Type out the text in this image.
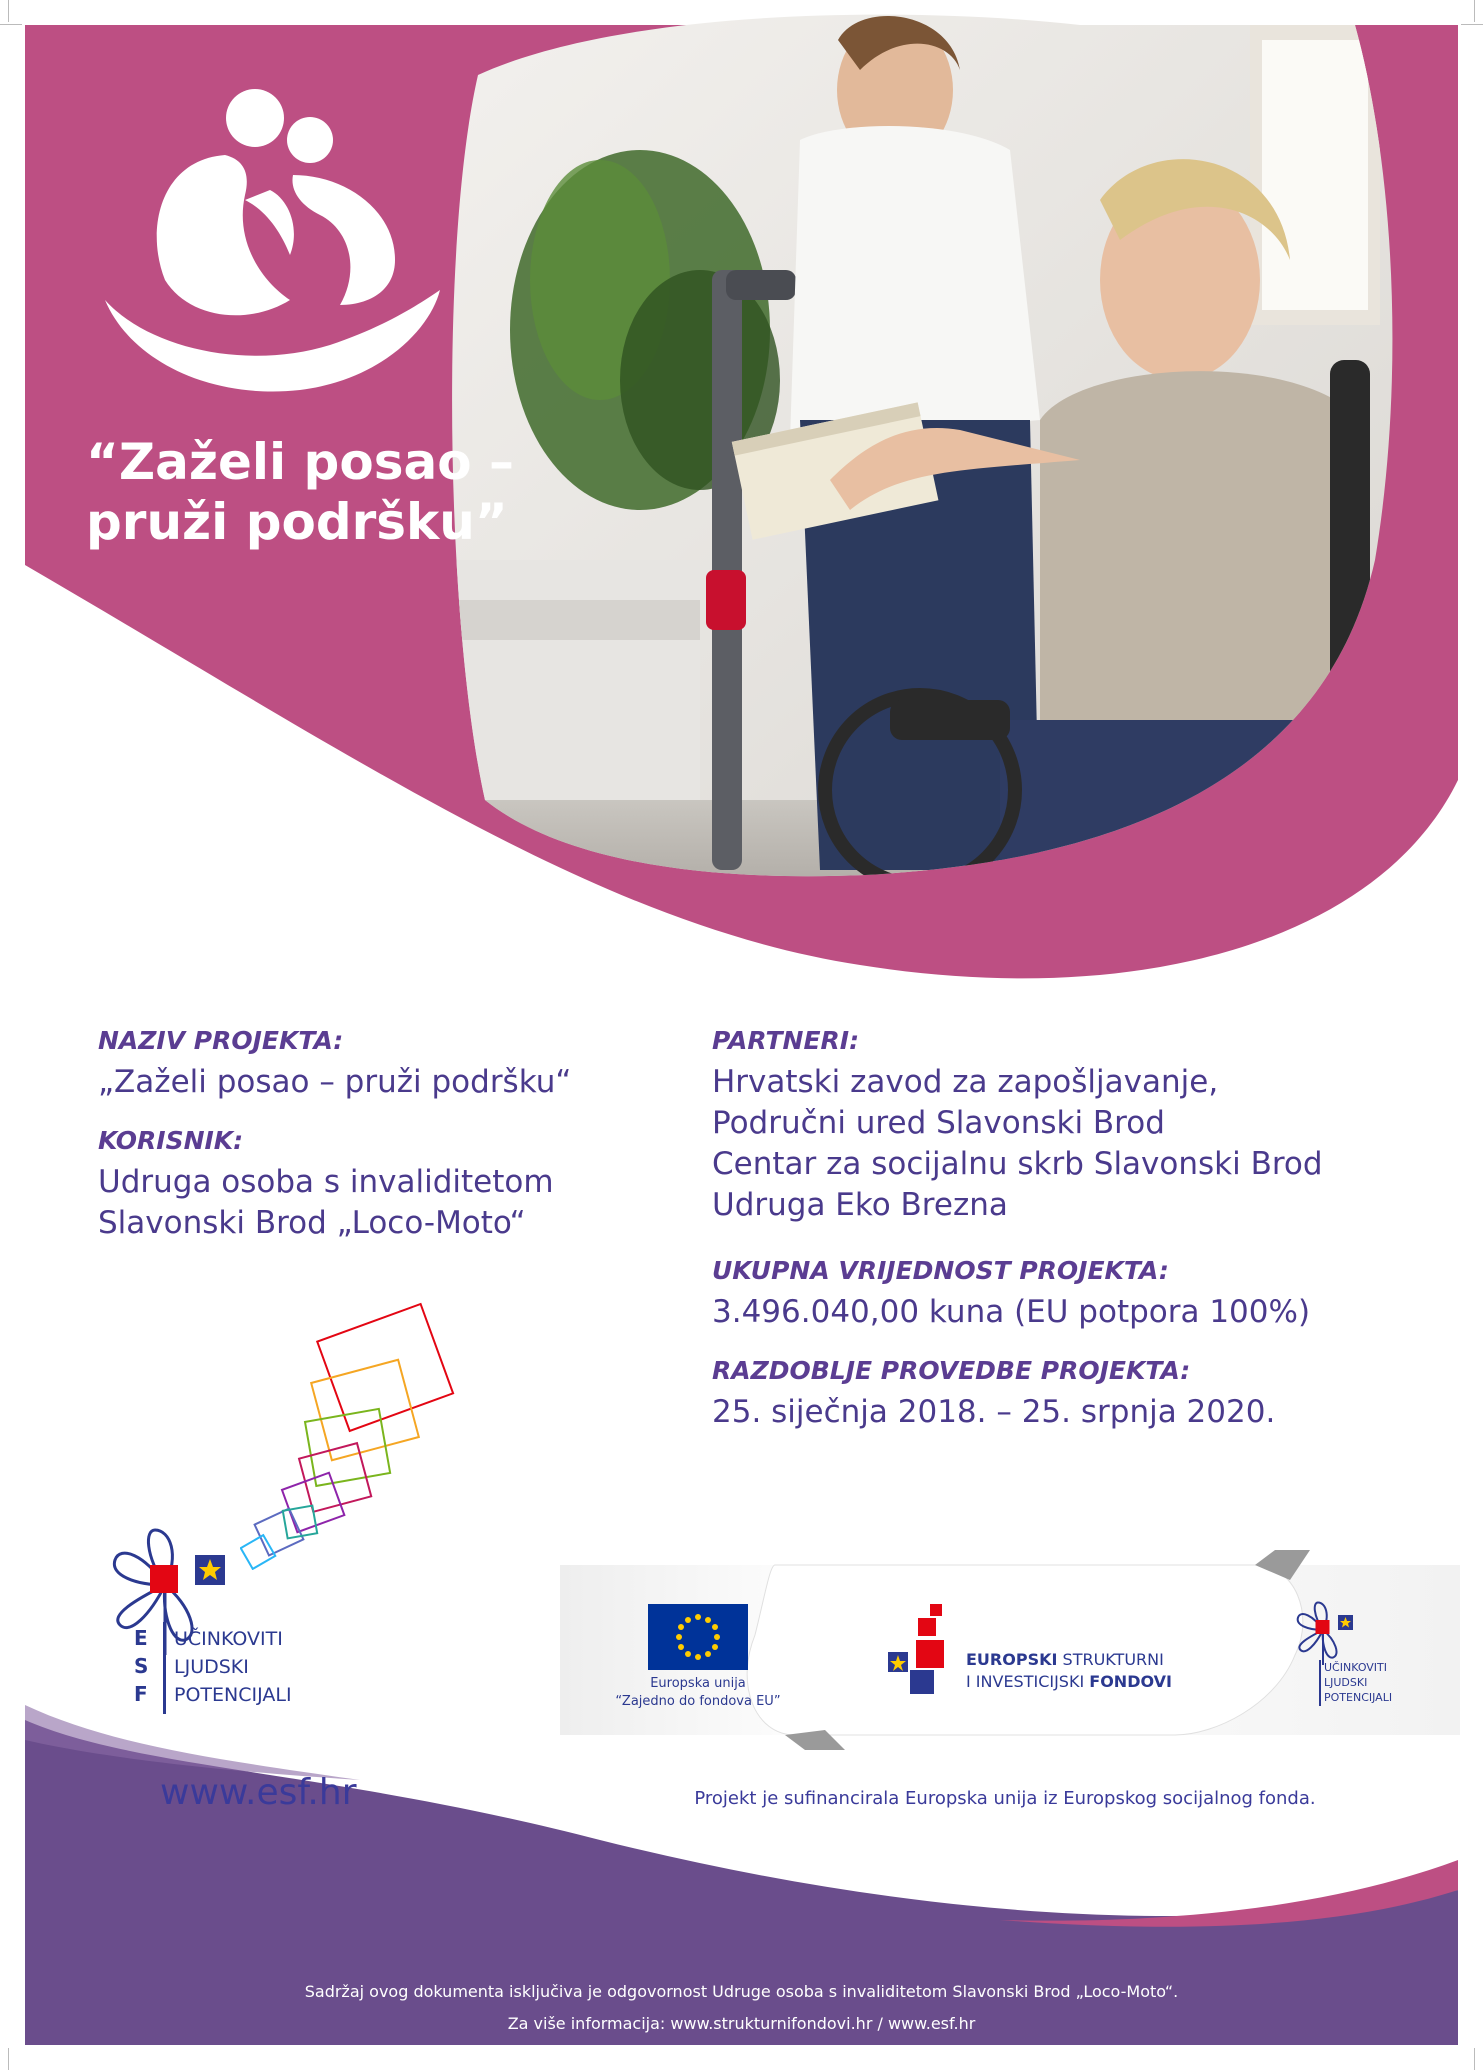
“Zaželi posao –
pruži podršku”
NAZIV PROJEKTA:
„Zaželi posao – pruži podršku“
KORISNIK:
Udruga osoba s invaliditetom
Slavonski Brod „Loco-Moto“
PARTNERI:
Hrvatski zavod za zapošljavanje,
Područni ured Slavonski Brod
Centar za socijalnu skrb Slavonski Brod
Udruga Eko Brezna
UKUPNA VRIJEDNOST PROJEKTA:
3.496.040,00 kuna (EU potpora 100%)
RAZDOBLJE PROVEDBE PROJEKTA:
25. siječnja 2018. – 25. srpnja 2020.
E
S
F
UČINKOVITI
LJUDSKI
POTENCIJALI
www.esf.hr
Europska unija
“Zajedno do fondova EU”
EUROPSKI STRUKTURNI
I INVESTICIJSKI FONDOVI
UČINKOVITI
LJUDSKI
POTENCIJALI
Projekt je sufinancirala Europska unija iz Europskog socijalnog fonda.
Sadržaj ovog dokumenta isključiva je odgovornost Udruge osoba s invaliditetom Slavonski Brod „Loco-Moto“.
Za više informacija: www.strukturnifondovi.hr / www.esf.hr
